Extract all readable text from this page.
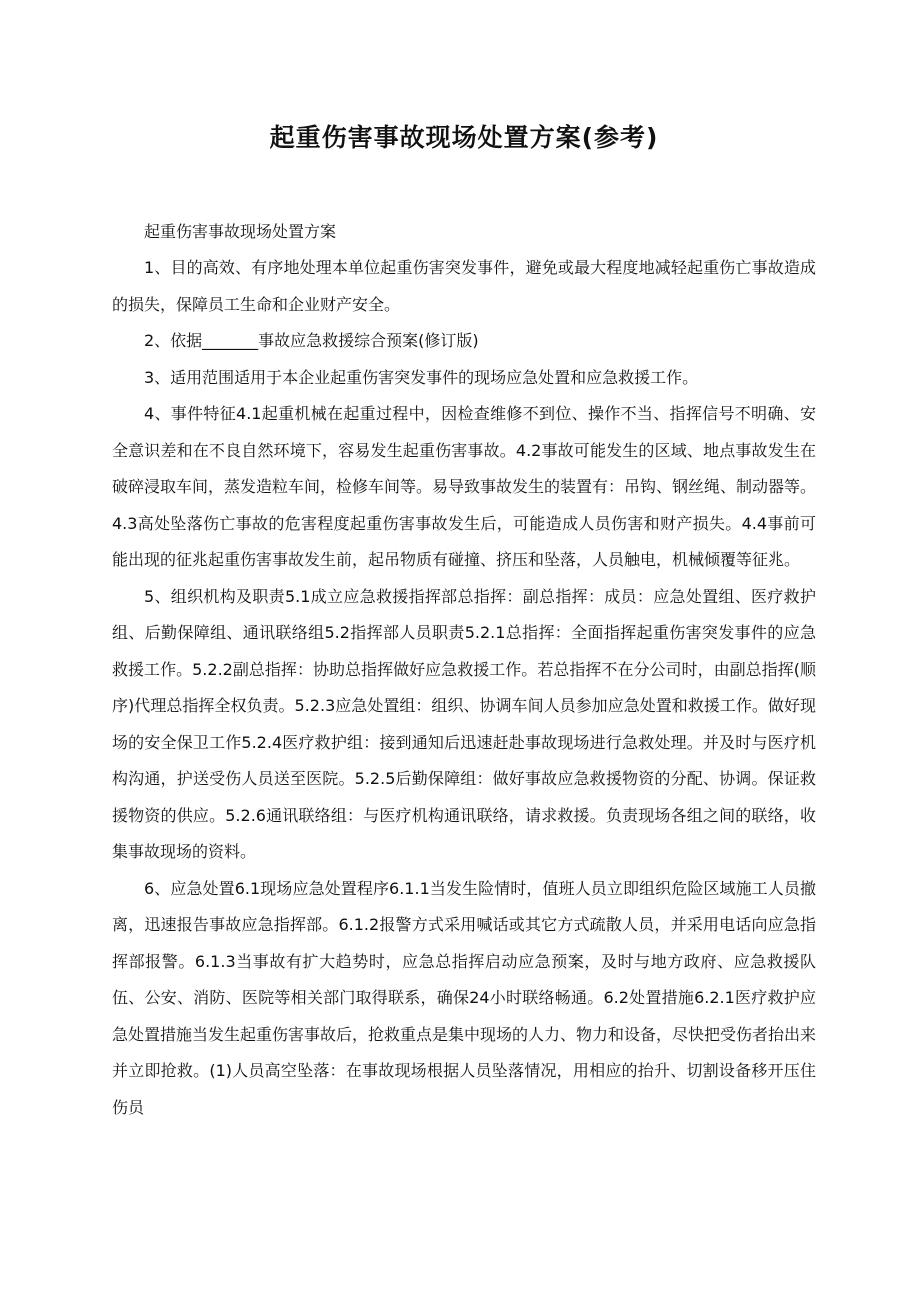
起重伤害事故现场处置方案(参考)

起重伤害事故现场处置方案

1、目的高效、有序地处理本单位起重伤害突发事件，避免或最大程度地减轻起重伤亡事故造成的损失，保障员工生命和企业财产安全。

2、依据_______事故应急救援综合预案(修订版)

3、适用范围适用于本企业起重伤害突发事件的现场应急处置和应急救援工作。

4、事件特征4.1起重机械在起重过程中，因检查维修不到位、操作不当、指挥信号不明确、安全意识差和在不良自然环境下，容易发生起重伤害事故。4.2事故可能发生的区域、地点事故发生在破碎浸取车间，蒸发造粒车间，检修车间等。易导致事故发生的装置有：吊钩、钢丝绳、制动器等。4.3高处坠落伤亡事故的危害程度起重伤害事故发生后，可能造成人员伤害和财产损失。4.4事前可能出现的征兆起重伤害事故发生前，起吊物质有碰撞、挤压和坠落，人员触电，机械倾覆等征兆。

5、组织机构及职责5.1成立应急救援指挥部总指挥：副总指挥：成员：应急处置组、医疗救护组、后勤保障组、通讯联络组5.2指挥部人员职责5.2.1总指挥：全面指挥起重伤害突发事件的应急救援工作。5.2.2副总指挥：协助总指挥做好应急救援工作。若总指挥不在分公司时，由副总指挥(顺序)代理总指挥全权负责。5.2.3应急处置组：组织、协调车间人员参加应急处置和救援工作。做好现场的安全保卫工作5.2.4医疗救护组：接到通知后迅速赶赴事故现场进行急救处理。并及时与医疗机构沟通，护送受伤人员送至医院。5.2.5后勤保障组：做好事故应急救援物资的分配、协调。保证救援物资的供应。5.2.6通讯联络组：与医疗机构通讯联络，请求救援。负责现场各组之间的联络，收集事故现场的资料。

6、应急处置6.1现场应急处置程序6.1.1当发生险情时，值班人员立即组织危险区域施工人员撤离，迅速报告事故应急指挥部。6.1.2报警方式采用喊话或其它方式疏散人员，并采用电话向应急指挥部报警。6.1.3当事故有扩大趋势时，应急总指挥启动应急预案，及时与地方政府、应急救援队伍、公安、消防、医院等相关部门取得联系，确保24小时联络畅通。6.2处置措施6.2.1医疗救护应急处置措施当发生起重伤害事故后，抢救重点是集中现场的人力、物力和设备，尽快把受伤者抬出来并立即抢救。(1)人员高空坠落：在事故现场根据人员坠落情况，用相应的抬升、切割设备移开压住伤员
